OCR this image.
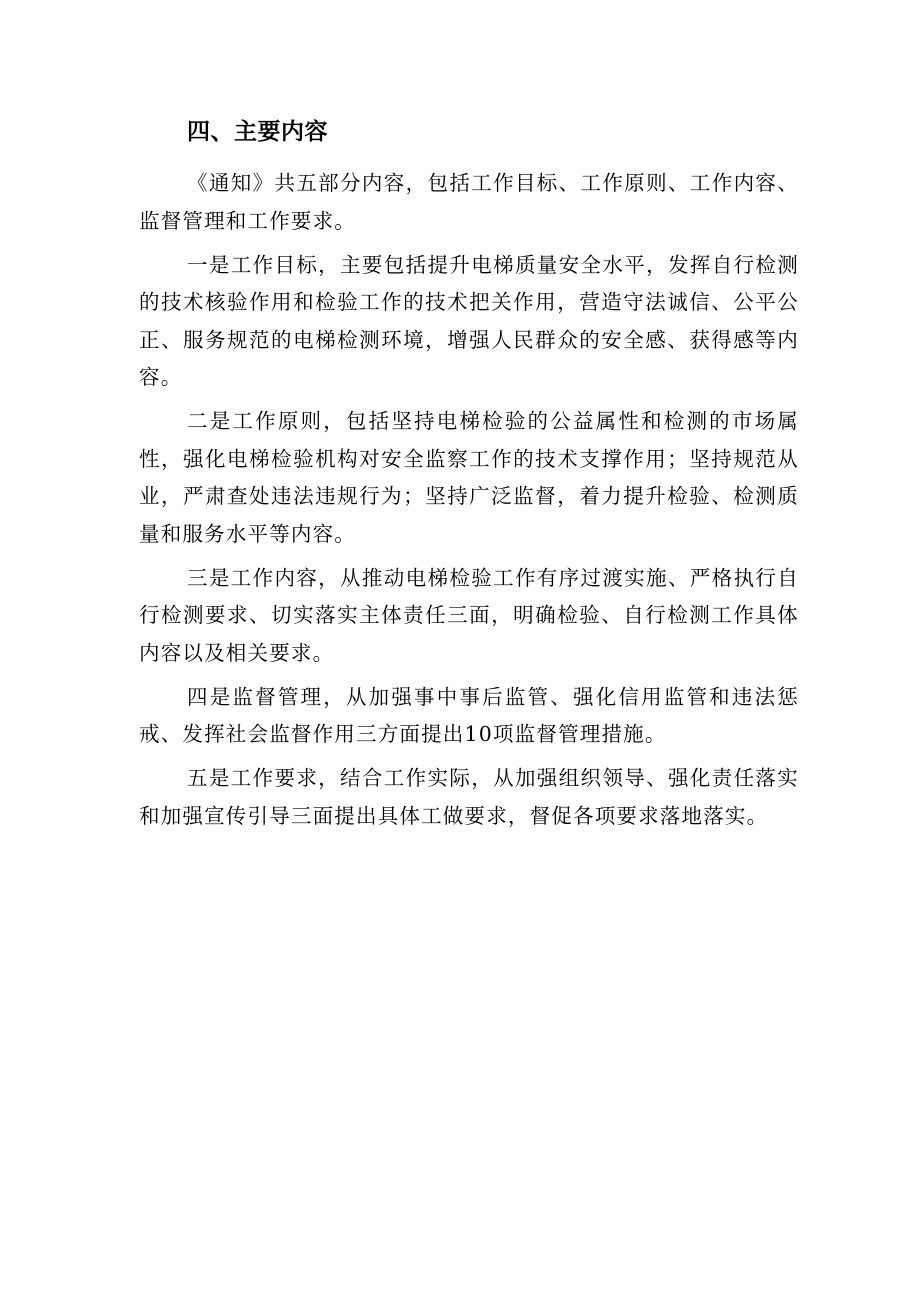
四、主要内容

《通知》共五部分内容，包括工作目标、工作原则、工作内容、监督管理和工作要求。

一是工作目标，主要包括提升电梯质量安全水平，发挥自行检测的技术核验作用和检验工作的技术把关作用，营造守法诚信、公平公正、服务规范的电梯检测环境，增强人民群众的安全感、获得感等内容。

二是工作原则，包括坚持电梯检验的公益属性和检测的市场属性，强化电梯检验机构对安全监察工作的技术支撑作用；坚持规范从业，严肃查处违法违规行为；坚持广泛监督，着力提升检验、检测质量和服务水平等内容。

三是工作内容，从推动电梯检验工作有序过渡实施、严格执行自行检测要求、切实落实主体责任三面，明确检验、自行检测工作具体内容以及相关要求。

四是监督管理，从加强事中事后监管、强化信用监管和违法惩戒、发挥社会监督作用三方面提出10项监督管理措施。

五是工作要求，结合工作实际，从加强组织领导、强化责任落实和加强宣传引导三面提出具体工做要求，督促各项要求落地落实。
